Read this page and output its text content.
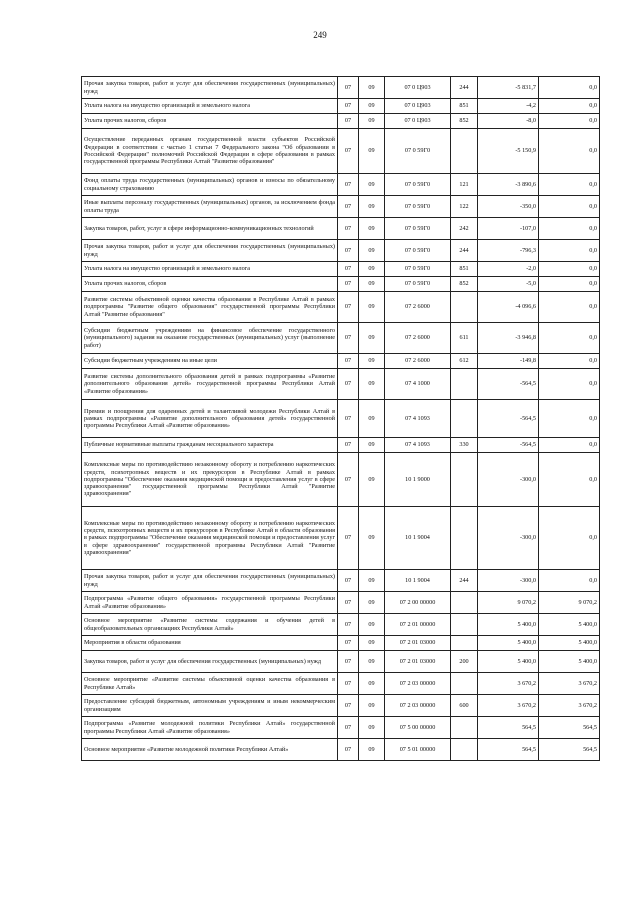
249
Прочая закупка товаров, работ и услуг для обеспечения государственных (муниципальных) нужд	07	09	07 0 Ц903	244	-5 831,7	0,0
Уплата налога на имущество организаций и земельного налога	07	09	07 0 Ц903	851	-4,2	0,0
Уплата прочих налогов, сборов	07	09	07 0 Ц903	852	-8,0	0,0
Осуществление переданных органам государственной власти субъектов Российской Федерации в соответствии с частью 1 статьи 7 Федерального закона "Об образовании в Российской Федерации" полномочий Российской Федерации в сфере образования в рамках государственной программы Республики Алтай "Развитие образования"	07	09	07 0 59Г0		-5 150,9	0,0
Фонд оплаты труда государственных (муниципальных) органов и взносы по обязательному социальному страхованию	07	09	07 0 59Г0	121	-3 890,6	0,0
Иные выплаты персоналу государственных (муниципальных) органов, за исключением фонда оплаты труда	07	09	07 0 59Г0	122	-350,0	0,0
Закупка товаров, работ, услуг в сфере информационно-коммуникационных технологий	07	09	07 0 59Г0	242	-107,0	0,0
Прочая закупка товаров, работ и услуг для обеспечения государственных (муниципальных) нужд	07	09	07 0 59Г0	244	-796,3	0,0
Уплата налога на имущество организаций и земельного налога	07	09	07 0 59Г0	851	-2,0	0,0
Уплата прочих налогов, сборов	07	09	07 0 59Г0	852	-5,0	0,0
Развитие системы объективной оценки качества образования в Республике Алтай в рамках подпрограммы "Развитие общего образования" государственной программы Республики Алтай "Развитие образования"	07	09	07 2 6000		-4 096,6	0,0
Субсидии бюджетным учреждениям на финансовое обеспечение государственного (муниципального) задания на оказание государственных (муниципальных) услуг (выполнение работ)	07	09	07 2 6000	611	-3 946,8	0,0
Субсидии бюджетным учреждениям на иные цели	07	09	07 2 6000	612	-149,8	0,0
Развитие системы дополнительного образования детей в рамках подпрограммы «Развитие дополнительного образования детей» государственной программы Республики Алтай «Развитие образования»	07	09	07 4 1000		-564,5	0,0
Премии и поощрения для одаренных детей и талантливой молодежи Республики Алтай в рамках подпрограммы «Развитие дополнительного образования детей» государственной программы Республики Алтай «Развитие образования»	07	09	07 4 1093		-564,5	0,0
Публичные нормативные выплаты гражданам несоциального характера	07	09	07 4 1093	330	-564,5	0,0
Комплексные меры по противодействию незаконному обороту и потреблению наркотических средств, психотропных веществ и их прекурсоров в Республике Алтай в рамках подпрограммы "Обеспечение оказания медицинской помощи и предоставления услуг в сфере здравоохранения" государственной программы Республики Алтай "Развитие здравоохранения"	07	09	10 1 9000		-300,0	0,0
Комплексные меры по противодействию незаконному обороту и потреблению наркотических средств, психотропных веществ и их прекурсоров в Республике Алтай в области образования в рамках подпрограммы "Обеспечение оказания медицинской помощи и предоставления услуг в сфере здравоохранения" государственной программы Республики Алтай "Развитие здравоохранения"	07	09	10 1 9004		-300,0	0,0
Прочая закупка товаров, работ и услуг для обеспечения государственных (муниципальных) нужд	07	09	10 1 9004	244	-300,0	0,0
Подпрограмма «Развитие общего образования» государственной программы Республики Алтай «Развитие образования»	07	09	07 2 00 00000		9 070,2	9 070,2
Основное мероприятие «Развитие системы содержания и обучения детей в общеобразовательных организациях Республики Алтай»	07	09	07 2 01 00000		5 400,0	5 400,0
Мероприятия в области образования	07	09	07 2 01 03000		5 400,0	5 400,0
Закупка товаров, работ и услуг для обеспечения государственных (муниципальных) нужд	07	09	07 2 01 03000	200	5 400,0	5 400,0
Основное мероприятие «Развитие системы объективной оценки качества образования в Республике Алтай»	07	09	07 2 03 00000		3 670,2	3 670,2
Предоставление субсидий бюджетным, автономным учреждениям и иным некоммерческим организациям	07	09	07 2 03 00000	600	3 670,2	3 670,2
Подпрограмма «Развитие молодежной политики Республики Алтай» государственной программы Республики Алтай «Развитие образования»	07	09	07 5 00 00000		564,5	564,5
Основное мероприятие «Развитие молодежной политики Республики Алтай»	07	09	07 5 01 00000		564,5	564,5
